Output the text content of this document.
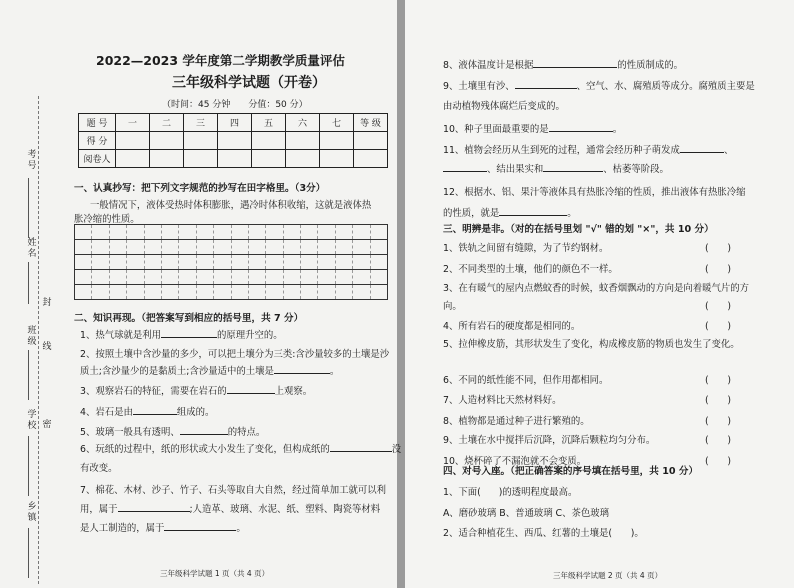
考号
姓名
封
班级 线
学校 密
乡镇
2022—2023 学年度第二学期教学质量评估
三年级科学试题（开卷）
（时间：45 分钟　　分值：50 分）
题 号	一	二	三	四	五	六	七	等 级
得 分								
阅卷人								
一、认真抄写：把下列文字规范的抄写在田字格里。（3分）
一般情况下，液体受热时体积膨胀，遇冷时体积收缩，这就是液体热
胀冷缩的性质。
二、知识再现。（把答案写到相应的括号里，共 7 分）
1、热气球就是利用	的原理升空的。
2、按照土壤中含沙量的多少，可以把土壤分为三类:含沙量较多的土壤是沙
质土;含沙量少的是黏质土;含沙量适中的土壤是	。
3、观察岩石的特征，需要在岩石的	上观察。
4、岩石是由	组成的。
5、玻璃一般具有透明、	的特点。
6、玩纸的过程中，纸的形状或大小发生了变化，但构成纸的	没
有改变。
7、棉花、木材、沙子、竹子、石头等取自大自然，经过简单加工就可以利
用，属于	;人造革、玻璃、水泥、纸、塑料、陶瓷等材料
是人工制造的，属于	。
三年级科学试题 1 页（共 4 页）
8、液体温度计是根据	的性质制成的。
9、土壤里有沙、	、空气、水、腐殖质等成分。腐殖质主要是
由动植物残体腐烂后变成的。
10、种子里面最重要的是	。
11、植物会经历从生到死的过程，通常会经历种子萌发成	、
、结出果实和	、枯萎等阶段。
12、根据水、铝、果汁等液体具有热胀冷缩的性质，推出液体有热胀冷缩
的性质，就是	。
三、明辨是非。（对的在括号里划 "√" 错的划 "×"，共 10 分）
1、铁轨之间留有缝隙，为了节约钢材。	(　　)
2、不同类型的土壤，他们的颜色不一样。	(　　)
3、在有暖气的屋内点燃蚊香的时候，蚊香烟飘动的方向是向着暖气片的方
向。	(　　)
4、所有岩石的硬度都是相同的。	(　　)
5、拉伸橡皮筋，其形状发生了变化，构成橡皮筋的物质也发生了变化。
6、不同的纸性能不同，但作用都相同。	(　　)
7、人造材料比天然材料好。	(　　)
8、植物都是通过种子进行繁殖的。	(　　)
9、土壤在水中搅拌后沉降，沉降后颗粒均匀分布。	(　　)
10、烧杯碎了不漏泡就不会变质。	(　　)
四、对号入座。（把正确答案的序号填在括号里，共 10 分）
1、下面( )的透明程度最高。
A、磨砂玻璃 B、普通玻璃 C、茶色玻璃
2、适合种植花生、西瓜、红薯的土壤是(　　)。
三年级科学试题 2 页（共 4 页）
